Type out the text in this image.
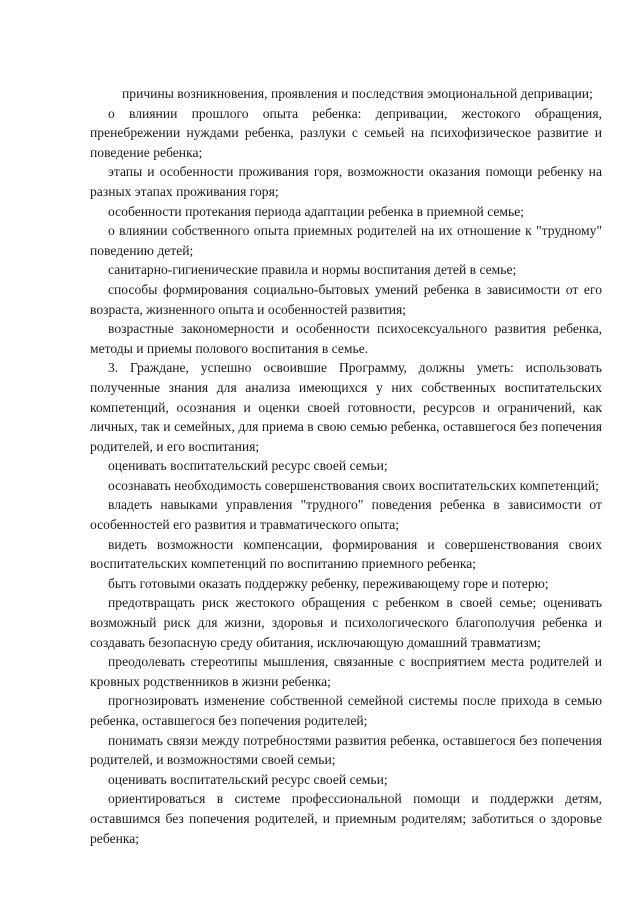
причины возникновения, проявления и последствия эмоциональной депривации;

о влиянии прошлого опыта ребенка: депривации, жестокого обращения, пренебрежении нуждами ребенка, разлуки с семьей на психофизическое развитие и поведение ребенка;

этапы и особенности проживания горя, возможности оказания помощи ребенку на разных этапах проживания горя;

особенности протекания периода адаптации ребенка в приемной семье;

о влиянии собственного опыта приемных родителей на их отношение к "трудному" поведению детей;

санитарно-гигиенические правила и нормы воспитания детей в семье;

способы формирования социально-бытовых умений ребенка в зависимости от его возраста, жизненного опыта и особенностей развития;

возрастные закономерности и особенности психосексуального развития ребенка, методы и приемы полового воспитания в семье.

3. Граждане, успешно освоившие Программу, должны уметь: использовать полученные знания для анализа имеющихся у них собственных воспитательских компетенций, осознания и оценки своей готовности, ресурсов и ограничений, как личных, так и семейных, для приема в свою семью ребенка, оставшегося без попечения родителей, и его воспитания;

оценивать воспитательский ресурс своей семьи;

осознавать необходимость совершенствования своих воспитательских компетенций;

владеть навыками управления "трудного" поведения ребенка в зависимости от особенностей его развития и травматического опыта;

видеть возможности компенсации, формирования и совершенствования своих воспитательских компетенций по воспитанию приемного ребенка;

быть готовыми оказать поддержку ребенку, переживающему горе и потерю;

предотвращать риск жестокого обращения с ребенком в своей семье; оценивать возможный риск для жизни, здоровья и психологического благополучия ребенка и создавать безопасную среду обитания, исключающую домашний травматизм;

преодолевать стереотипы мышления, связанные с восприятием места родителей и кровных родственников в жизни ребенка;

прогнозировать изменение собственной семейной системы после прихода в семью ребенка, оставшегося без попечения родителей;

понимать связи между потребностями развития ребенка, оставшегося без попечения родителей, и возможностями своей семьи;

оценивать воспитательский ресурс своей семьи;

ориентироваться в системе профессиональной помощи и поддержки детям, оставшимся без попечения родителей, и приемным родителям; заботиться о здоровье ребенка;
